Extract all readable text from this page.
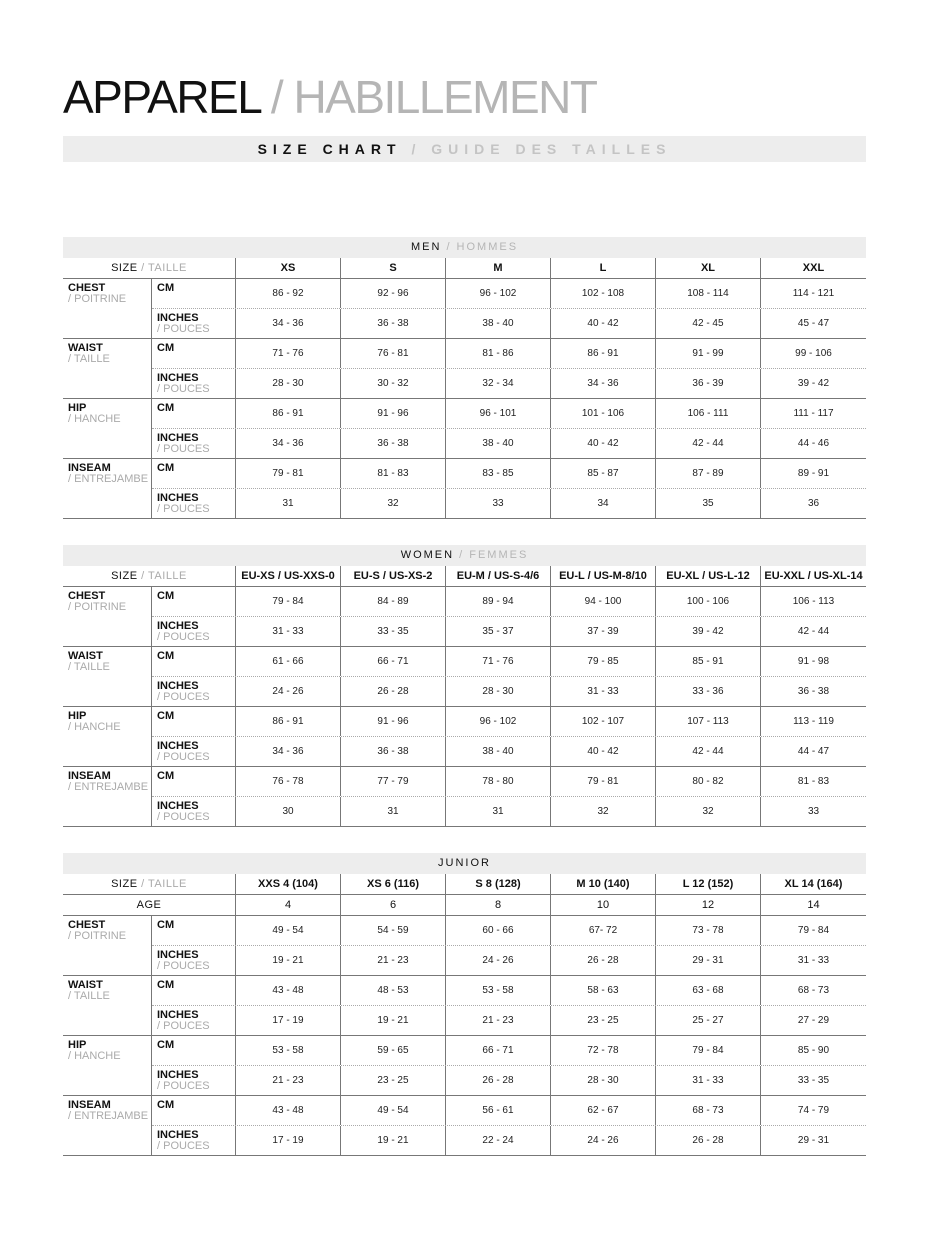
APPAREL / HABILLEMENT
SIZE CHART / GUIDE DES TAILLES
MEN / HOMMES
SIZE / TAILLE	XS	S	M	L	XL	XXL
CHEST
/ POITRINE
CM	86 - 92	92 - 96	96 - 102	102 - 108	108 - 114	114 - 121
INCHES
/ POUCES	34 - 36	36 - 38	38 - 40	40 - 42	42 - 45	45 - 47
WAIST
/ TAILLE
CM	71 - 76	76 - 81	81 - 86	86 - 91	91 - 99	99 - 106
INCHES
/ POUCES	28 - 30	30 - 32	32 - 34	34 - 36	36 - 39	39 - 42
HIP
/ HANCHE
CM	86 - 91	91 - 96	96 - 101	101 - 106	106 - 111	111 - 117
INCHES
/ POUCES	34 - 36	36 - 38	38 - 40	40 - 42	42 - 44	44 - 46
INSEAM
/ ENTREJAMBE
CM	79 - 81	81 - 83	83 - 85	85 - 87	87 - 89	89 - 91
INCHES
/ POUCES	31	32	33	34	35	36
WOMEN / FEMMES
SIZE / TAILLE	EU-XS / US-XXS-0	EU-S / US-XS-2	EU-M / US-S-4/6	EU-L / US-M-8/10	EU-XL / US-L-12	EU-XXL / US-XL-14
CHEST
/ POITRINE
CM	79 - 84	84 - 89	89 - 94	94 - 100	100 - 106	106 - 113
INCHES
/ POUCES	31 - 33	33 - 35	35 - 37	37 - 39	39 - 42	42 - 44
WAIST
/ TAILLE
CM	61 - 66	66 - 71	71 - 76	79 - 85	85 - 91	91 - 98
INCHES
/ POUCES	24 - 26	26 - 28	28 - 30	31 - 33	33 - 36	36 - 38
HIP
/ HANCHE
CM	86 - 91	91 - 96	96 - 102	102 - 107	107 - 113	113 - 119
INCHES
/ POUCES	34 - 36	36 - 38	38 - 40	40 - 42	42 - 44	44 - 47
INSEAM
/ ENTREJAMBE
CM	76 - 78	77 - 79	78 - 80	79 - 81	80 - 82	81 - 83
INCHES
/ POUCES	30	31	31	32	32	33
JUNIOR
SIZE / TAILLE	XXS 4 (104)	XS 6 (116)	S 8 (128)	M 10 (140)	L 12 (152)	XL 14 (164)
AGE	4	6	8	10	12	14
CHEST
/ POITRINE
CM	49 - 54	54 - 59	60 - 66	67- 72	73 - 78	79 - 84
INCHES
/ POUCES	19 - 21	21 - 23	24 - 26	26 - 28	29 - 31	31 - 33
WAIST
/ TAILLE
CM	43 - 48	48 - 53	53 - 58	58 - 63	63 - 68	68 - 73
INCHES
/ POUCES	17 - 19	19 - 21	21 - 23	23 - 25	25 - 27	27 - 29
HIP
/ HANCHE
CM	53 - 58	59 - 65	66 - 71	72 - 78	79 - 84	85 - 90
INCHES
/ POUCES	21 - 23	23 - 25	26 - 28	28 - 30	31 - 33	33 - 35
INSEAM
/ ENTREJAMBE
CM	43 - 48	49 - 54	56 - 61	62 - 67	68 - 73	74 - 79
INCHES
/ POUCES	17 - 19	19 - 21	22 - 24	24 - 26	26 - 28	29 - 31
